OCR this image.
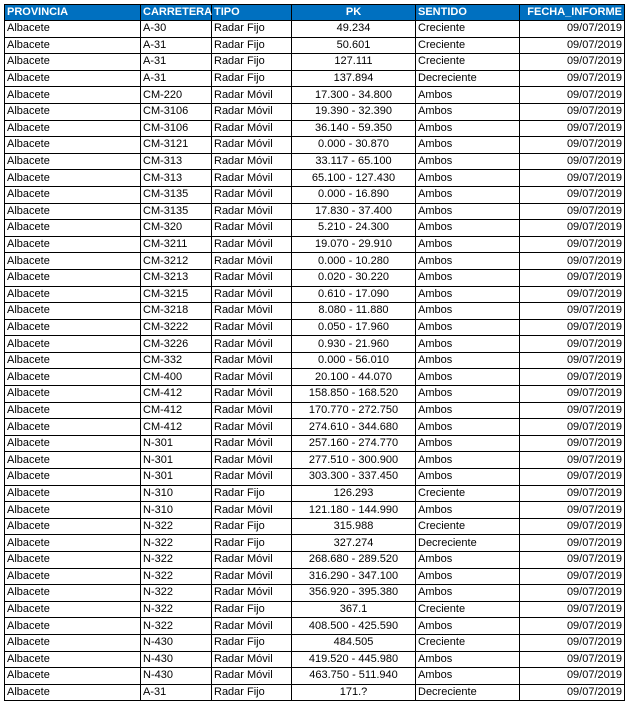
PROVINCIA	CARRETERA	TIPO	PK	SENTIDO	FECHA_INFORME
Albacete	A-30	Radar Fijo	49.234	Creciente	09/07/2019
Albacete	A-31	Radar Fijo	50.601	Creciente	09/07/2019
Albacete	A-31	Radar Fijo	127.111	Creciente	09/07/2019
Albacete	A-31	Radar Fijo	137.894	Decreciente	09/07/2019
Albacete	CM-220	Radar Móvil	17.300 - 34.800	Ambos	09/07/2019
Albacete	CM-3106	Radar Móvil	19.390 - 32.390	Ambos	09/07/2019
Albacete	CM-3106	Radar Móvil	36.140 - 59.350	Ambos	09/07/2019
Albacete	CM-3121	Radar Móvil	0.000 - 30.870	Ambos	09/07/2019
Albacete	CM-313	Radar Móvil	33.117 - 65.100	Ambos	09/07/2019
Albacete	CM-313	Radar Móvil	65.100 - 127.430	Ambos	09/07/2019
Albacete	CM-3135	Radar Móvil	0.000 - 16.890	Ambos	09/07/2019
Albacete	CM-3135	Radar Móvil	17.830 - 37.400	Ambos	09/07/2019
Albacete	CM-320	Radar Móvil	5.210 - 24.300	Ambos	09/07/2019
Albacete	CM-3211	Radar Móvil	19.070 - 29.910	Ambos	09/07/2019
Albacete	CM-3212	Radar Móvil	0.000 - 10.280	Ambos	09/07/2019
Albacete	CM-3213	Radar Móvil	0.020 - 30.220	Ambos	09/07/2019
Albacete	CM-3215	Radar Móvil	0.610 - 17.090	Ambos	09/07/2019
Albacete	CM-3218	Radar Móvil	8.080 - 11.880	Ambos	09/07/2019
Albacete	CM-3222	Radar Móvil	0.050 - 17.960	Ambos	09/07/2019
Albacete	CM-3226	Radar Móvil	0.930 - 21.960	Ambos	09/07/2019
Albacete	CM-332	Radar Móvil	0.000 - 56.010	Ambos	09/07/2019
Albacete	CM-400	Radar Móvil	20.100 - 44.070	Ambos	09/07/2019
Albacete	CM-412	Radar Móvil	158.850 - 168.520	Ambos	09/07/2019
Albacete	CM-412	Radar Móvil	170.770 - 272.750	Ambos	09/07/2019
Albacete	CM-412	Radar Móvil	274.610 - 344.680	Ambos	09/07/2019
Albacete	N-301	Radar Móvil	257.160 - 274.770	Ambos	09/07/2019
Albacete	N-301	Radar Móvil	277.510 - 300.900	Ambos	09/07/2019
Albacete	N-301	Radar Móvil	303.300 - 337.450	Ambos	09/07/2019
Albacete	N-310	Radar Fijo	126.293	Creciente	09/07/2019
Albacete	N-310	Radar Móvil	121.180 - 144.990	Ambos	09/07/2019
Albacete	N-322	Radar Fijo	315.988	Creciente	09/07/2019
Albacete	N-322	Radar Fijo	327.274	Decreciente	09/07/2019
Albacete	N-322	Radar Móvil	268.680 - 289.520	Ambos	09/07/2019
Albacete	N-322	Radar Móvil	316.290 - 347.100	Ambos	09/07/2019
Albacete	N-322	Radar Móvil	356.920 - 395.380	Ambos	09/07/2019
Albacete	N-322	Radar Fijo	367.1	Creciente	09/07/2019
Albacete	N-322	Radar Móvil	408.500 - 425.590	Ambos	09/07/2019
Albacete	N-430	Radar Fijo	484.505	Creciente	09/07/2019
Albacete	N-430	Radar Móvil	419.520 - 445.980	Ambos	09/07/2019
Albacete	N-430	Radar Móvil	463.750 - 511.940	Ambos	09/07/2019
Albacete	A-31	Radar Fijo	171.?	Decreciente	09/07/2019
